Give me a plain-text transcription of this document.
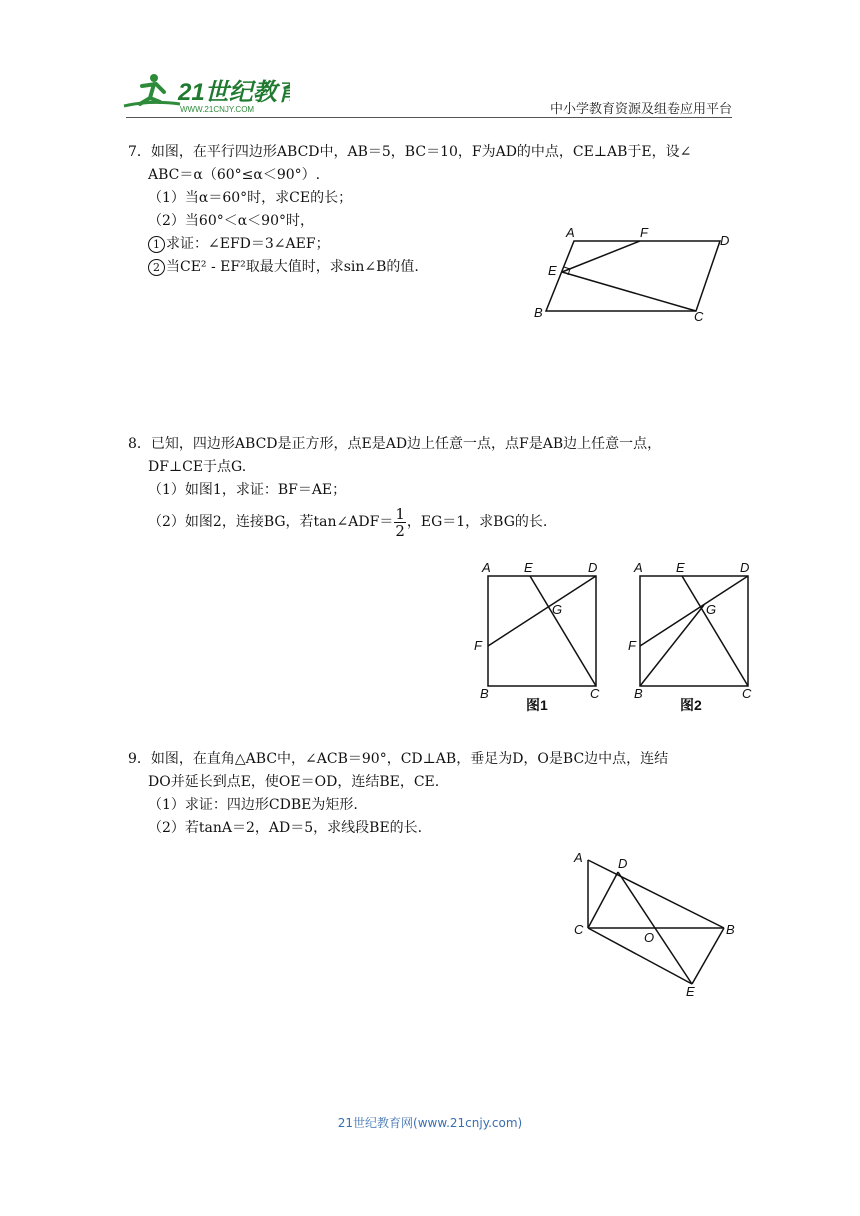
21世纪教育
WWW.21CNJY.COM	中小学教育资源及组卷应用平台
7．如图，在平行四边形ABCD中，AB＝5，BC＝10，F为AD的中点，CE⊥AB于E，设∠
ABC＝α（60°≤α＜90°）.
（1）当α＝60°时，求CE的长；
（2）当60°＜α＜90°时，
1 求证：∠EFD＝3∠AEF；
2 当CE² - EF²取最大值时，求sin∠B的值.
A	F
D
E
B	C
8．已知，四边形ABCD是正方形，点E是AD边上任意一点，点F是AB边上任意一点，
DF⊥CE于点G.
（1）如图1，求证：BF＝AE；
（2）如图2，连接BG，若tan∠ADF＝ $\frac{1}{2}$ ，EG＝1，求BG的长.
A	E	D
G
F
B	C
图1
A	E	D
G
F
B	C
图2
9．如图，在直角△ABC中，∠ACB＝90°，CD⊥AB，垂足为D，O是BC边中点，连结
DO并延长到点E，使OE＝OD，连结BE，CE.
（1）求证：四边形CDBE为矩形.
（2）若tanA＝2，AD＝5，求线段BE的长.
A	D
C
O
B
E
21世纪教育网(www.21cnjy.com)
